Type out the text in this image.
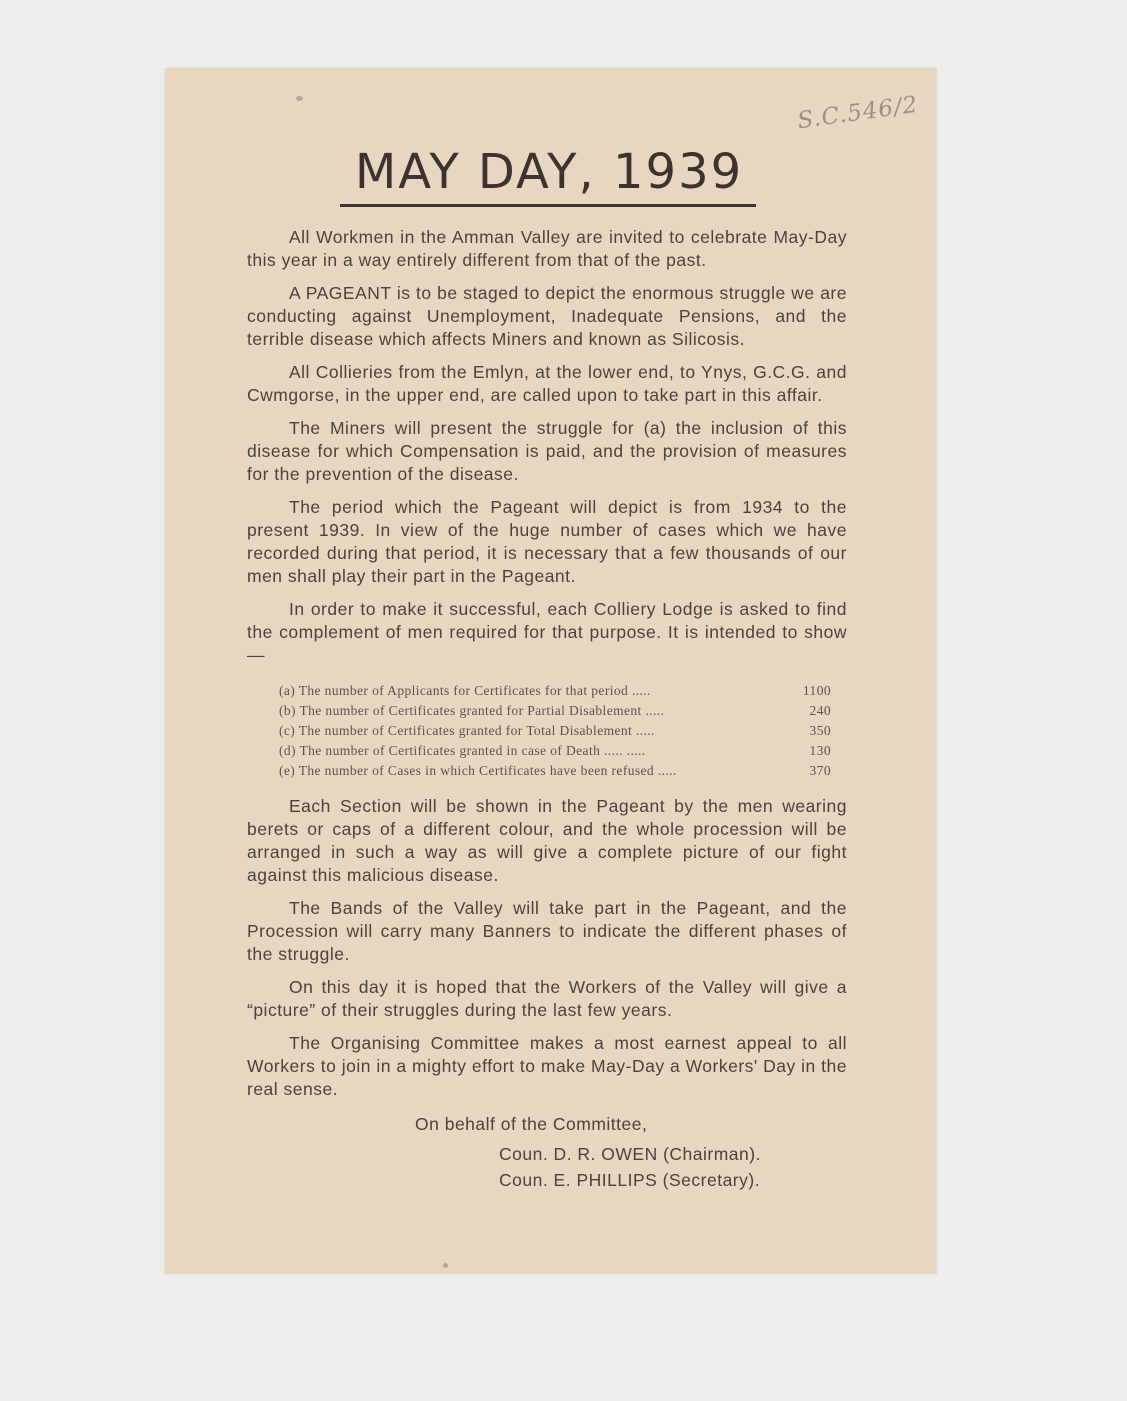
S.C.546/2
MAY DAY, 1939

All Workmen in the Amman Valley are invited to celebrate May-Day this year in a way entirely different from that of the past.

A PAGEANT is to be staged to depict the enormous struggle we are conducting against Unemployment, Inadequate Pensions, and the terrible disease which affects Miners and known as Silicosis.

All Collieries from the Emlyn, at the lower end, to Ynys, G.C.G. and Cwmgorse, in the upper end, are called upon to take part in this affair.

The Miners will present the struggle for (a) the inclusion of this disease for which Compensation is paid, and the provision of measures for the prevention of the disease.

The period which the Pageant will depict is from 1934 to the present 1939. In view of the huge number of cases which we have recorded during that period, it is necessary that a few thousands of our men shall play their part in the Pageant.

In order to make it successful, each Colliery Lodge is asked to find the complement of men required for that purpose. It is intended to show—

(a) The number of Applicants for Certificates for that period .....	1100
(b) The number of Certificates granted for Partial Disablement .....	240
(c) The number of Certificates granted for Total Disablement .....	350
(d) The number of Certificates granted in case of Death ..... .....	130
(e) The number of Cases in which Certificates have been refused .....	370

Each Section will be shown in the Pageant by the men wearing berets or caps of a different colour, and the whole procession will be arranged in such a way as will give a complete picture of our fight against this malicious disease.

The Bands of the Valley will take part in the Pageant, and the Procession will carry many Banners to indicate the different phases of the struggle.

On this day it is hoped that the Workers of the Valley will give a “picture” of their struggles during the last few years.

The Organising Committee makes a most earnest appeal to all Workers to join in a mighty effort to make May-Day a Workers' Day in the real sense.

On behalf of the Committee,
Coun. D. R. OWEN (Chairman).
Coun. E. PHILLIPS (Secretary).
